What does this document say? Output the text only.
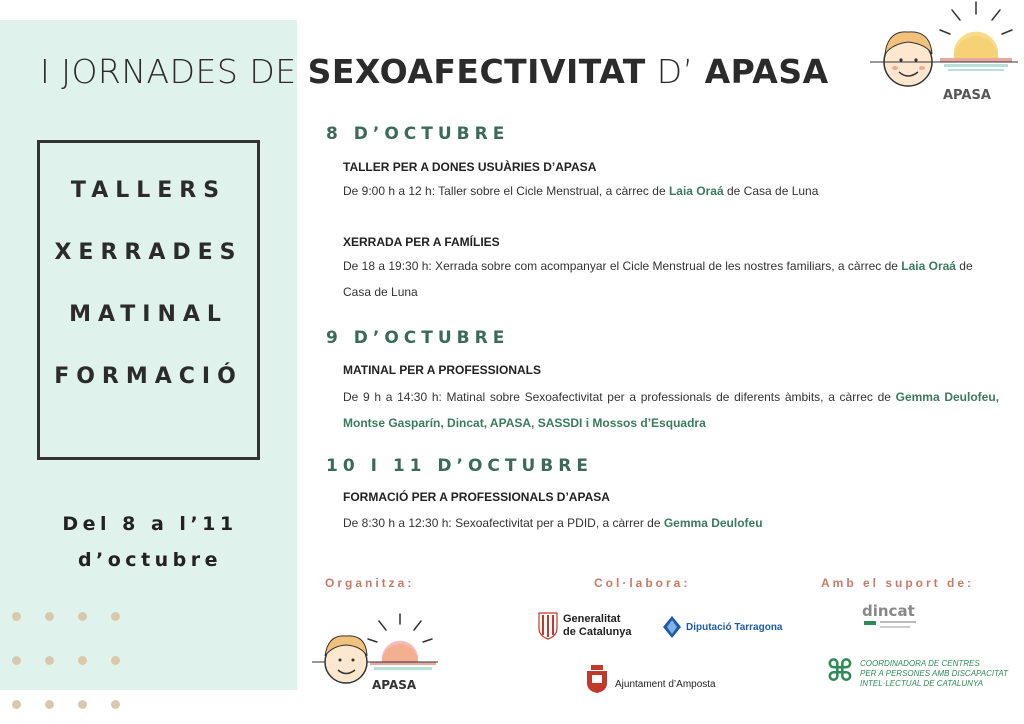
I JORNADES DE SEXOAFECTIVITAT D’ APASA
APASA
TALLERS
XERRADES
MATINAL
FORMACIÓ
Del 8 a l’11
d’octubre
8 D’OCTUBRE
TALLER PER A DONES USUÀRIES D’APASA
De 9:00 h a 12 h: Taller sobre el Cicle Menstrual, a càrrec de Laia Oraá de Casa de Luna
XERRADA PER A FAMÍLIES
De 18 a 19:30 h: Xerrada sobre com acompanyar el Cicle Menstrual de les nostres familiars, a càrrec de Laia Oraá de Casa de Luna
9 D’OCTUBRE
MATINAL PER A PROFESSIONALS
De 9 h a 14:30 h: Matinal sobre Sexoafectivitat per a professionals de diferents àmbits, a càrrec de Gemma Deulofeu, Montse Gasparín, Dincat, APASA, SASSDI i Mossos d’Esquadra
10 I 11 D’OCTUBRE
FORMACIÓ PER A PROFESSIONALS D’APASA
De 8:30 h a 12:30 h: Sexoafectivitat per a PDID, a càrrer de Gemma Deulofeu
Organitza:	Col·labora:	Amb el suport de:
APASA
Generalitat
de Catalunya	Diputació Tarragona
Ajuntament d’Amposta
dincat
⌘ COORDINADORA DE CENTRES
PER A PERSONES AMB DISCAPACITAT
INTEL·LECTUAL DE CATALUNYA
